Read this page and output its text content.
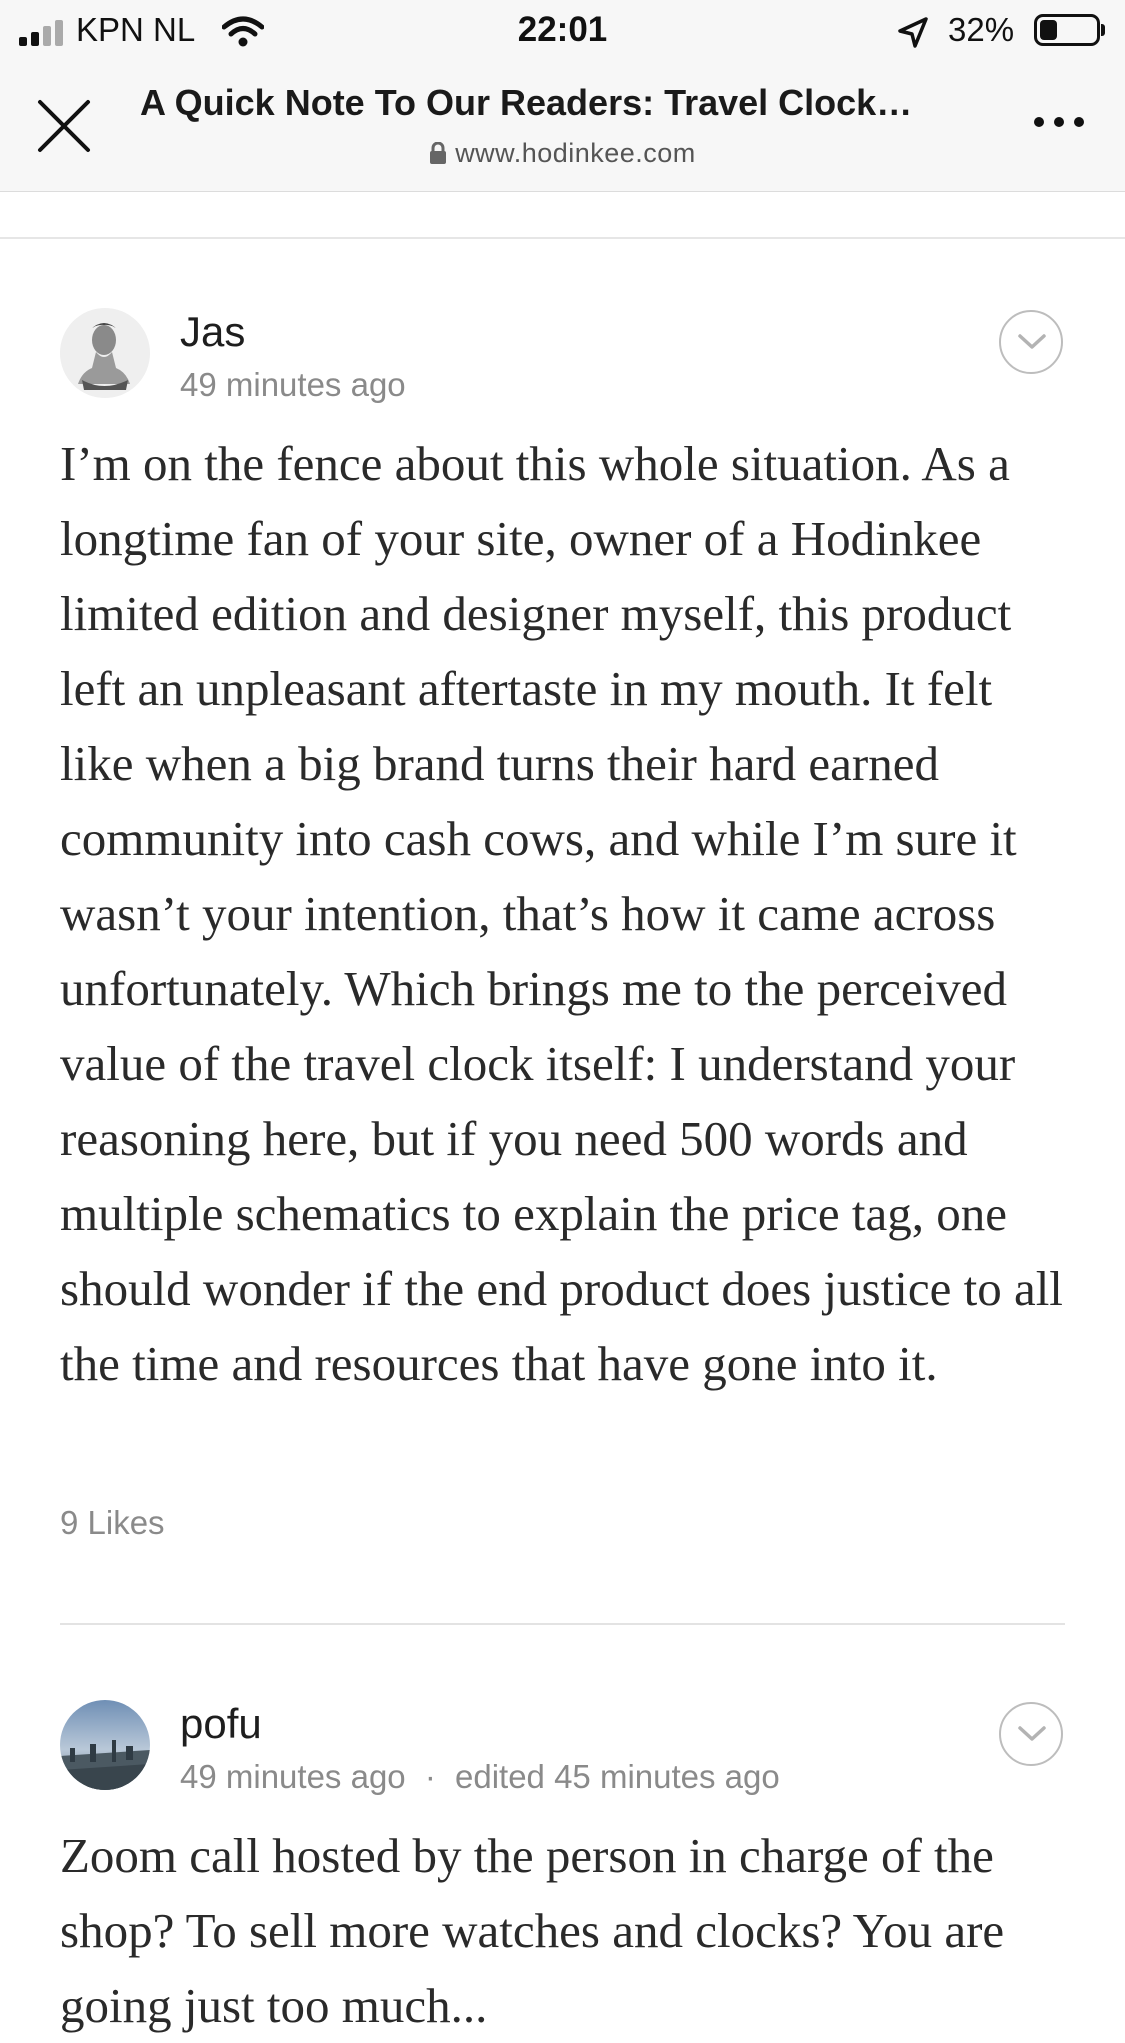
KPN NL	22:01	32%
A Quick Note To Our Readers: Travel Clock…
www.hodinkee.com
Jas
49 minutes ago
I’m on the fence about this whole situation. As a longtime fan of your site, owner of a Hodinkee limited edition and designer myself, this product left an unpleasant aftertaste in my mouth. It felt like when a big brand turns their hard earned community into cash cows, and while I’m sure it wasn’t your intention, that’s how it came across unfortunately. Which brings me to the perceived value of the travel clock itself: I understand your reasoning here, but if you need 500 words and multiple schematics to explain the price tag, one should wonder if the end product does justice to all the time and resources that have gone into it.
9 Likes
pofu
49 minutes ago · edited 45 minutes ago
Zoom call hosted by the person in charge of the shop? To sell more watches and clocks? You are going just too much...
